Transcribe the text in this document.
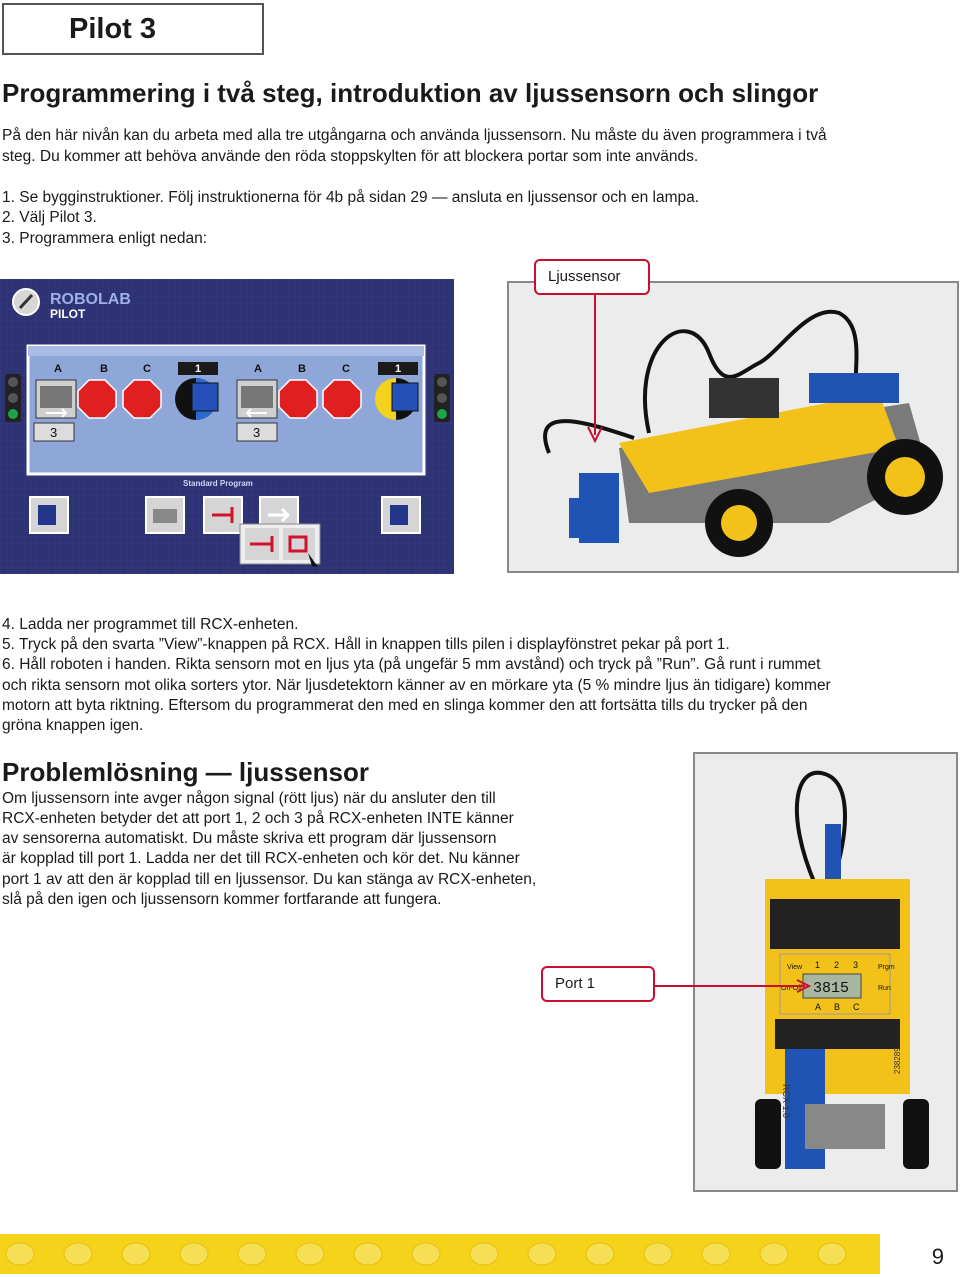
Pilot 3
Programmering i två steg, introduktion av ljussensorn och slingor
På den här nivån kan du arbeta med alla tre utgångarna och använda ljussensorn. Nu måste du även programmera i två
steg. Du kommer att behöva använde den röda stoppskylten för att blockera portar som inte används.
1. Se bygginstruktioner. Följ instruktionerna för 4b på sidan 29 — ansluta en ljussensor och en lampa.
2. Välj Pilot 3.
3. Programmera enligt nedan:
ROBOLAB
PILOT
A	B	C	1	A	B	C	1
3	3
Standard Program
Ljussensor
4. Ladda ner programmet till RCX-enheten.
5. Tryck på den svarta ”View”-knappen på RCX. Håll in knappen tills pilen i displayfönstret pekar på port 1.
6. Håll roboten i handen. Rikta sensorn mot en ljus yta (på ungefär 5 mm avstånd) och tryck på ”Run”. Gå runt i rummet
och rikta sensorn mot olika sorters ytor. När ljusdetektorn känner av en mörkare yta (5 % mindre ljus än tidigare) kommer
motorn att byta riktning. Eftersom du programmerat den med en slinga kommer den att fortsätta tills du trycker på den
gröna knappen igen.
Problemlösning — ljussensor
Om ljussensorn inte avger någon signal (rött ljus) när du ansluter den till
RCX-enheten betyder det att port 1, 2 och 3 på RCX-enheten INTE känner
av sensorerna automatiskt. Du måste skriva ett program där ljussensorn
är kopplad till port 1. Ladda ner det till RCX-enheten och kör det. Nu känner
port 1 av att den är kopplad till en ljussensor. Du kan stänga av RCX-enheten,
slå på den igen och ljussensorn kommer fortfarande att fungera.
3815
View
On-Off
Prgm
Run
1 2 3
A B C
RCX 1.0
238289
Port 1
9
